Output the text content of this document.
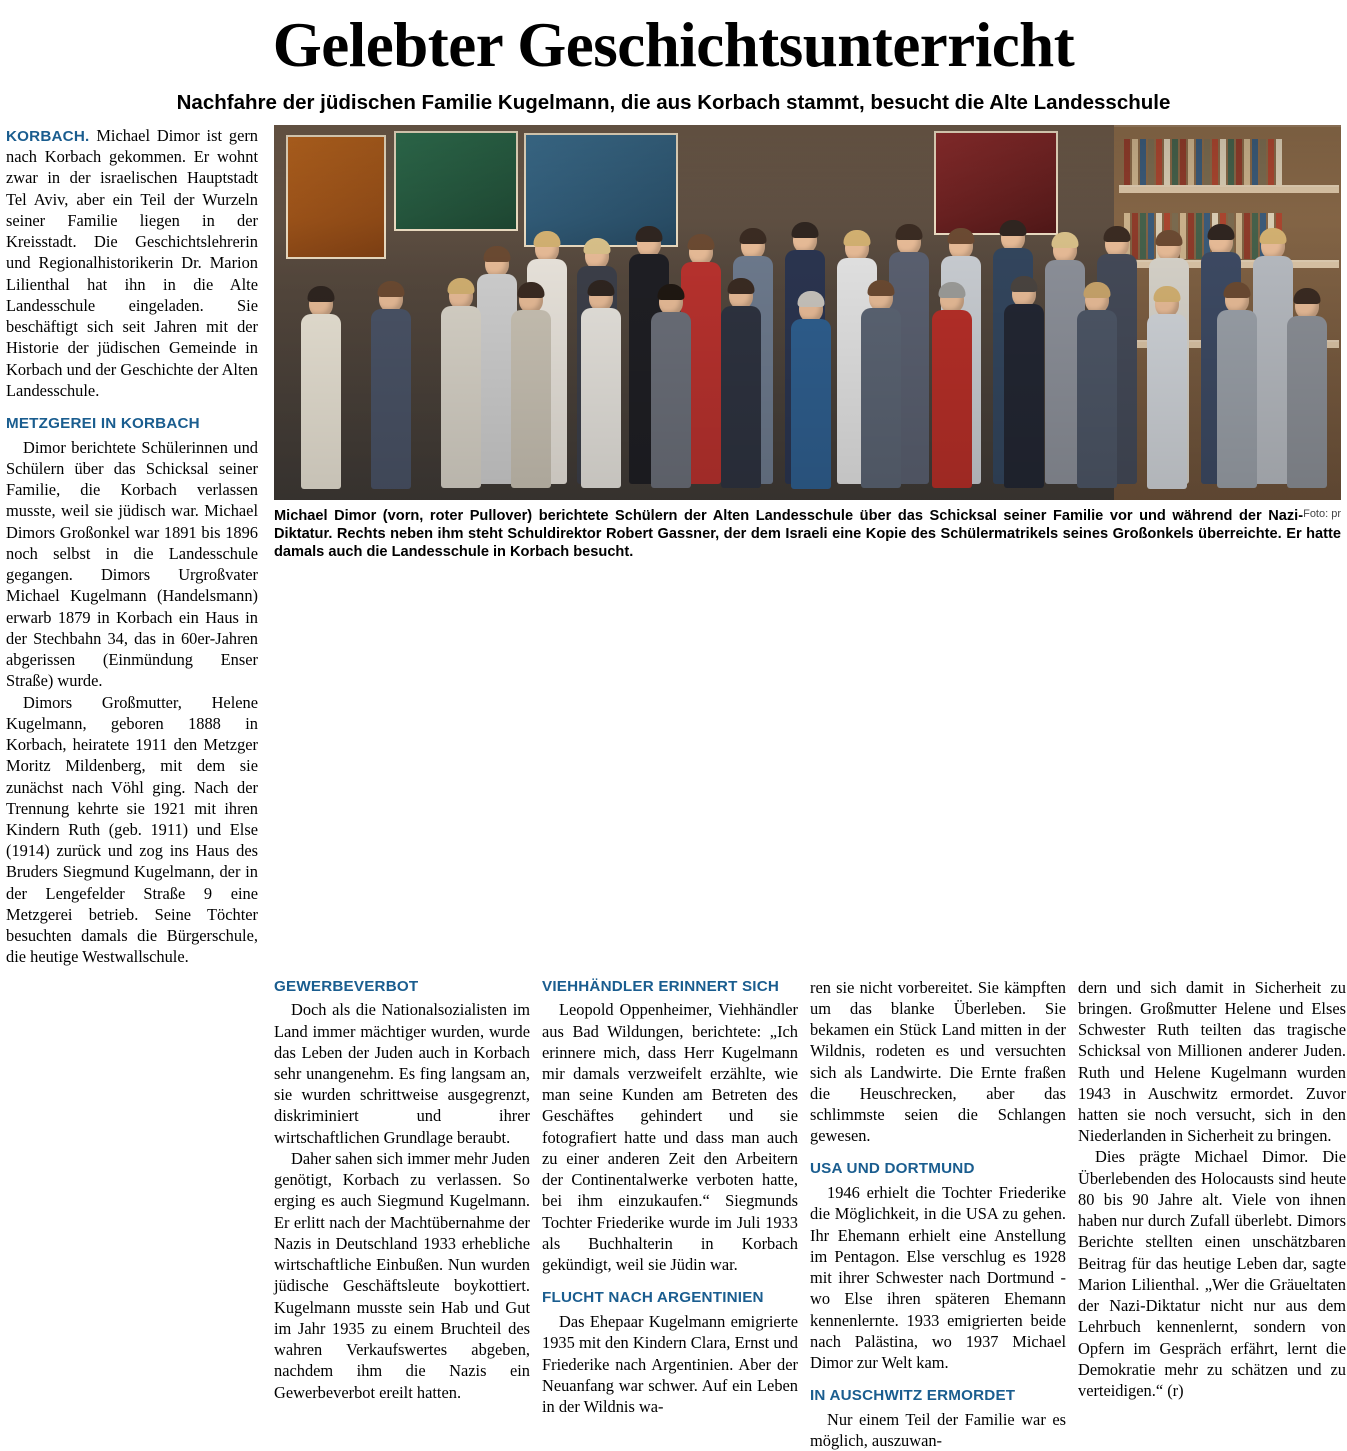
Gelebter Geschichtsunterricht
Nachfahre der jüdischen Familie Kugelmann, die aus Korbach stammt, besucht die Alte Landesschule

KORBACH. Michael Dimor ist gern nach Korbach gekommen. Er wohnt zwar in der israelischen Hauptstadt Tel Aviv, aber ein Teil der Wurzeln seiner Familie liegen in der Kreisstadt. Die Geschichtslehrerin und Regionalhistorikerin Dr. Marion Lilienthal hat ihn in die Alte Landesschule eingeladen. Sie beschäftigt sich seit Jahren mit der Historie der jüdischen Gemeinde in Korbach und der Geschichte der Alten Landesschule.

METZGEREI IN KORBACH

Dimor berichtete Schülerinnen und Schülern über das Schicksal seiner Familie, die Korbach verlassen musste, weil sie jüdisch war. Michael Dimors Großonkel war 1891 bis 1896 noch selbst in die Landesschule gegangen. Dimors Urgroßvater Michael Kugelmann (Handelsmann) erwarb 1879 in Korbach ein Haus in der Stechbahn 34, das in 60er-Jahren abgerissen (Einmündung Enser Straße) wurde.

Dimors Großmutter, Helene Kugelmann, geboren 1888 in Korbach, heiratete 1911 den Metzger Moritz Mildenberg, mit dem sie zunächst nach Vöhl ging. Nach der Trennung kehrte sie 1921 mit ihren Kindern Ruth (geb. 1911) und Else (1914) zurück und zog ins Haus des Bruders Siegmund Kugelmann, der in der Lengefelder Straße 9 eine Metzgerei betrieb. Seine Töchter besuchten damals die Bürgerschule, die heutige Westwallschule.

Foto: pr
Michael Dimor (vorn, roter Pullover) berichtete Schülern der Alten Landesschule über das Schicksal seiner Familie vor und während der Nazi-Diktatur. Rechts neben ihm steht Schuldirektor Robert Gassner, der dem Israeli eine Kopie des Schülermatrikels seines Großonkels überreichte. Er hatte damals auch die Landesschule in Korbach besucht.
GEWERBEVERBOT

Doch als die Nationalsozialisten im Land immer mächtiger wurden, wurde das Leben der Juden auch in Korbach sehr unangenehm. Es fing langsam an, sie wurden schrittweise ausgegrenzt, diskriminiert und ihrer wirtschaftlichen Grundlage beraubt.

Daher sahen sich immer mehr Juden genötigt, Korbach zu verlassen. So erging es auch Siegmund Kugelmann. Er erlitt nach der Machtübernahme der Nazis in Deutschland 1933 erhebliche wirtschaftliche Einbußen. Nun wurden jüdische Geschäftsleute boykottiert. Kugelmann musste sein Hab und Gut im Jahr 1935 zu einem Bruchteil des wahren Verkaufswertes abgeben, nachdem ihm die Nazis ein Gewerbeverbot ereilt hatten.

VIEHHÄNDLER ERINNERT SICH

Leopold Oppenheimer, Viehhändler aus Bad Wildungen, berichtete: „Ich erinnere mich, dass Herr Kugelmann mir damals verzweifelt erzählte, wie man seine Kunden am Betreten des Geschäftes gehindert und sie fotografiert hatte und dass man auch zu einer anderen Zeit den Arbeitern der Continentalwerke verboten hatte, bei ihm einzukaufen.“ Siegmunds Tochter Friederike wurde im Juli 1933 als Buchhalterin in Korbach gekündigt, weil sie Jüdin war.

FLUCHT NACH ARGENTINIEN

Das Ehepaar Kugelmann emigrierte 1935 mit den Kindern Clara, Ernst und Friederike nach Argentinien. Aber der Neuanfang war schwer. Auf ein Leben in der Wildnis wa-

ren sie nicht vorbereitet. Sie kämpften um das blanke Überleben. Sie bekamen ein Stück Land mitten in der Wildnis, rodeten es und versuchten sich als Landwirte. Die Ernte fraßen die Heuschrecken, aber das schlimmste seien die Schlangen gewesen.

USA UND DORTMUND

1946 erhielt die Tochter Friederike die Möglichkeit, in die USA zu gehen. Ihr Ehemann erhielt eine Anstellung im Pentagon. Else verschlug es 1928 mit ihrer Schwester nach Dortmund - wo Else ihren späteren Ehemann kennenlernte. 1933 emigrierten beide nach Palästina, wo 1937 Michael Dimor zur Welt kam.

IN AUSCHWITZ ERMORDET

Nur einem Teil der Familie war es möglich, auszuwan-

dern und sich damit in Sicherheit zu bringen. Großmutter Helene und Elses Schwester Ruth teilten das tragische Schicksal von Millionen anderer Juden. Ruth und Helene Kugelmann wurden 1943 in Auschwitz ermordet. Zuvor hatten sie noch versucht, sich in den Niederlanden in Sicherheit zu bringen.

Dies prägte Michael Dimor. Die Überlebenden des Holocausts sind heute 80 bis 90 Jahre alt. Viele von ihnen haben nur durch Zufall überlebt. Dimors Berichte stellten einen unschätzbaren Beitrag für das heutige Leben dar, sagte Marion Lilienthal. „Wer die Gräueltaten der Nazi-Diktatur nicht nur aus dem Lehrbuch kennenlernt, sondern von Opfern im Gespräch erfährt, lernt die Demokratie mehr zu schätzen und zu verteidigen.“ (r)
